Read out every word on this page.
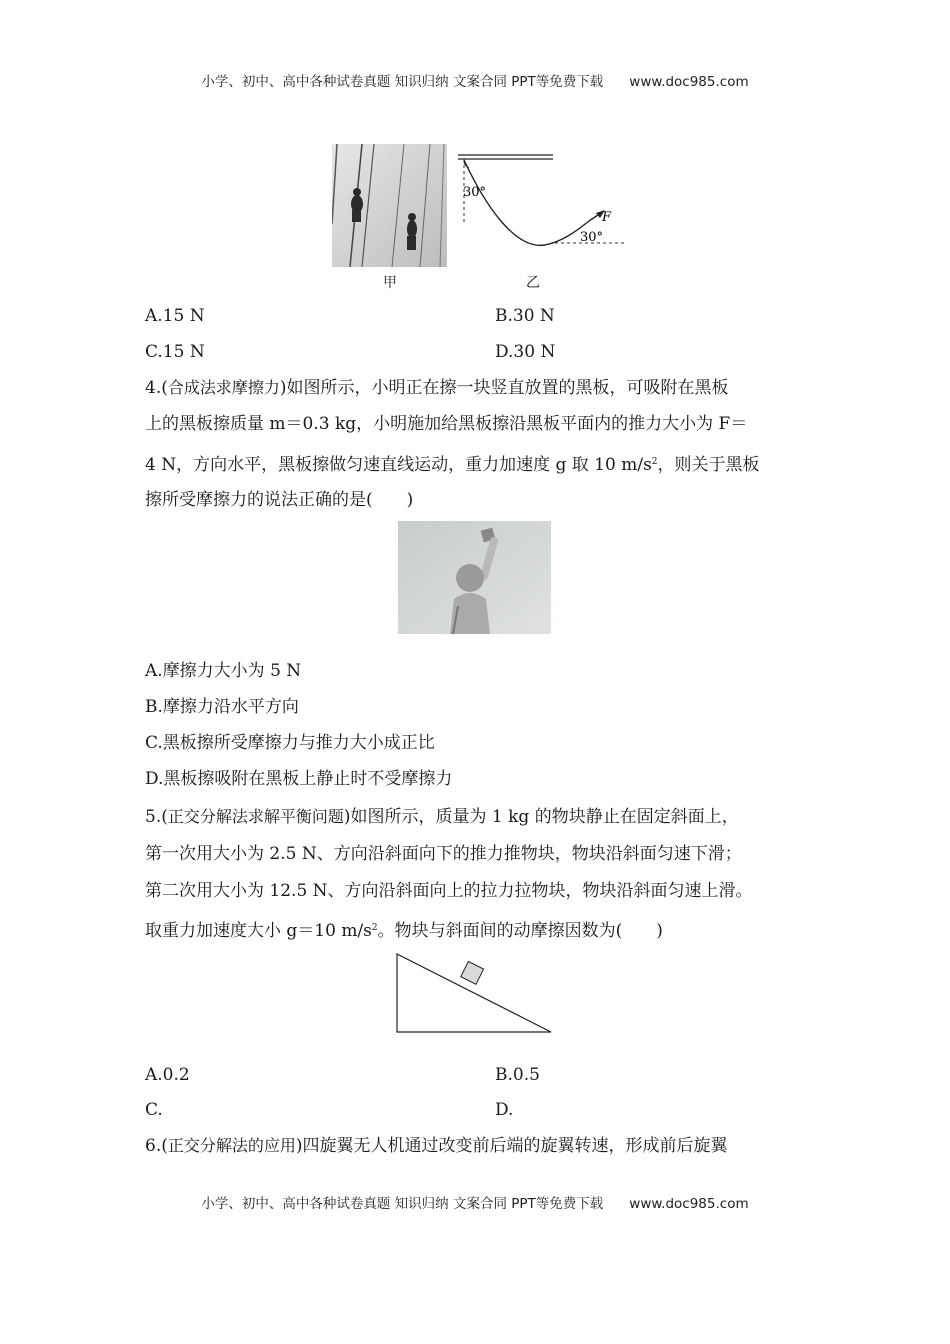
小学、初中、高中各种试卷真题 知识归纳 文案合同 PPT等免费下载 www.doc985.com
30°
F
30°
甲	乙
A.15 N	B.30 N
C.15 N	D.30 N
4.(合成法求摩擦力)如图所示，小明正在擦一块竖直放置的黑板，可吸附在黑板
上的黑板擦质量 m＝0.3 kg，小明施加给黑板擦沿黑板平面内的推力大小为 F＝
4 N，方向水平，黑板擦做匀速直线运动，重力加速度 g 取 10 $m/s^2$，则关于黑板
擦所受摩擦力的说法正确的是(　　)
A.摩擦力大小为 5 N
B.摩擦力沿水平方向
C.黑板擦所受摩擦力与推力大小成正比
D.黑板擦吸附在黑板上静止时不受摩擦力
5.(正交分解法求解平衡问题)如图所示，质量为 1 kg 的物块静止在固定斜面上，
第一次用大小为 2.5 N、方向沿斜面向下的推力推物块，物块沿斜面匀速下滑；
第二次用大小为 12.5 N、方向沿斜面向上的拉力拉物块，物块沿斜面匀速上滑。
取重力加速度大小 g＝10 $m/s^2$。物块与斜面间的动摩擦因数为(　　)
A.0.2	B.0.5
C.	D.
6.(正交分解法的应用)四旋翼无人机通过改变前后端的旋翼转速，形成前后旋翼
小学、初中、高中各种试卷真题 知识归纳 文案合同 PPT等免费下载 www.doc985.com
